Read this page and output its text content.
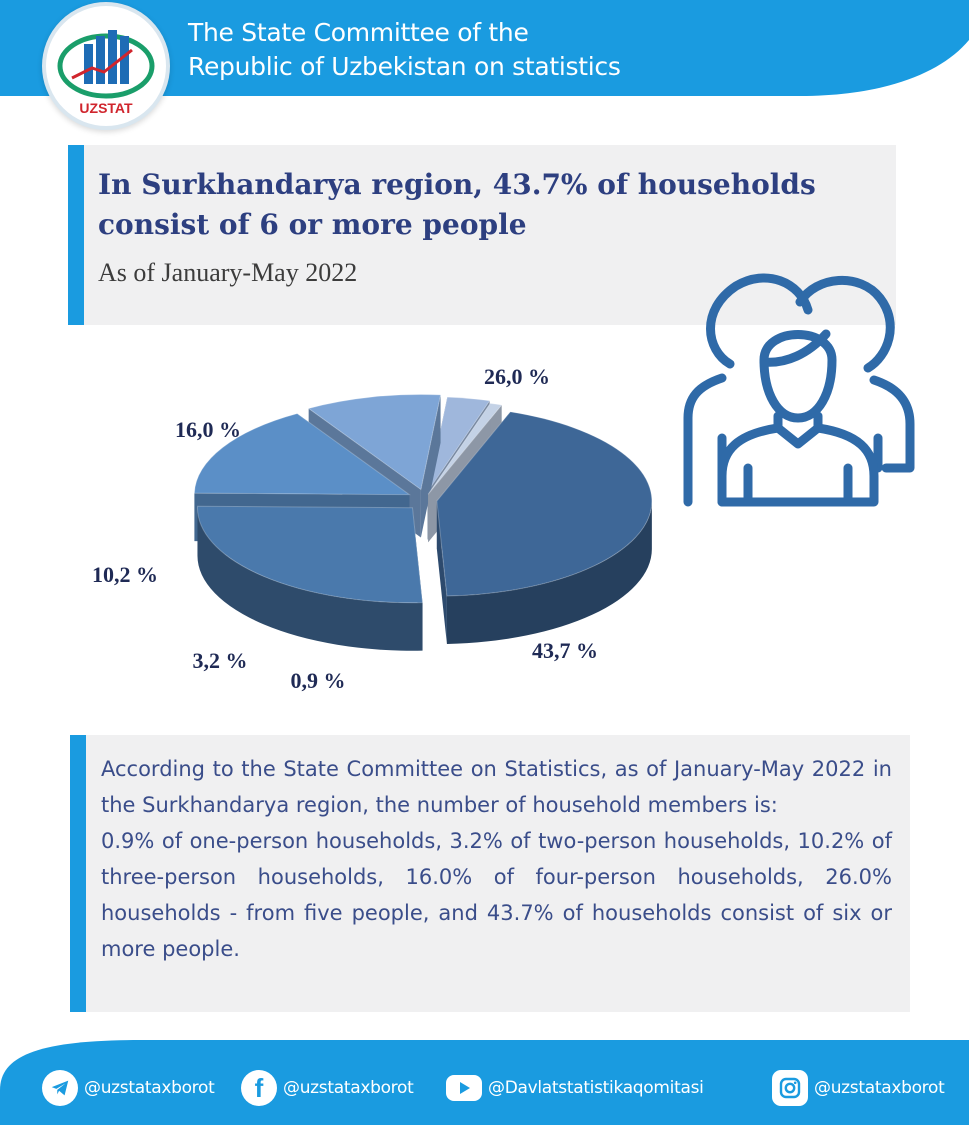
UZSTAT
The State Committee of the
Republic of Uzbekistan on statistics
In Surkhandarya region, 43.7% of households
consist of 6 or more people
As of January-May 2022
43,7 %
26,0 %
16,0 %
10,2 %
3,2 %
0,9 %

According to the State Committee on Statistics, as of January-May 2022 in the Surkhandarya region, the number of household members is:

0.9% of one-person households, 3.2% of two-person households, 10.2% of three-person households, 16.0% of four-person households, 26.0% households - from five people, and 43.7% of households consist of six or more people.

@uzstataxborot f @uzstataxborot	@Davlatstatistikaqomitasi	@uzstataxborot
